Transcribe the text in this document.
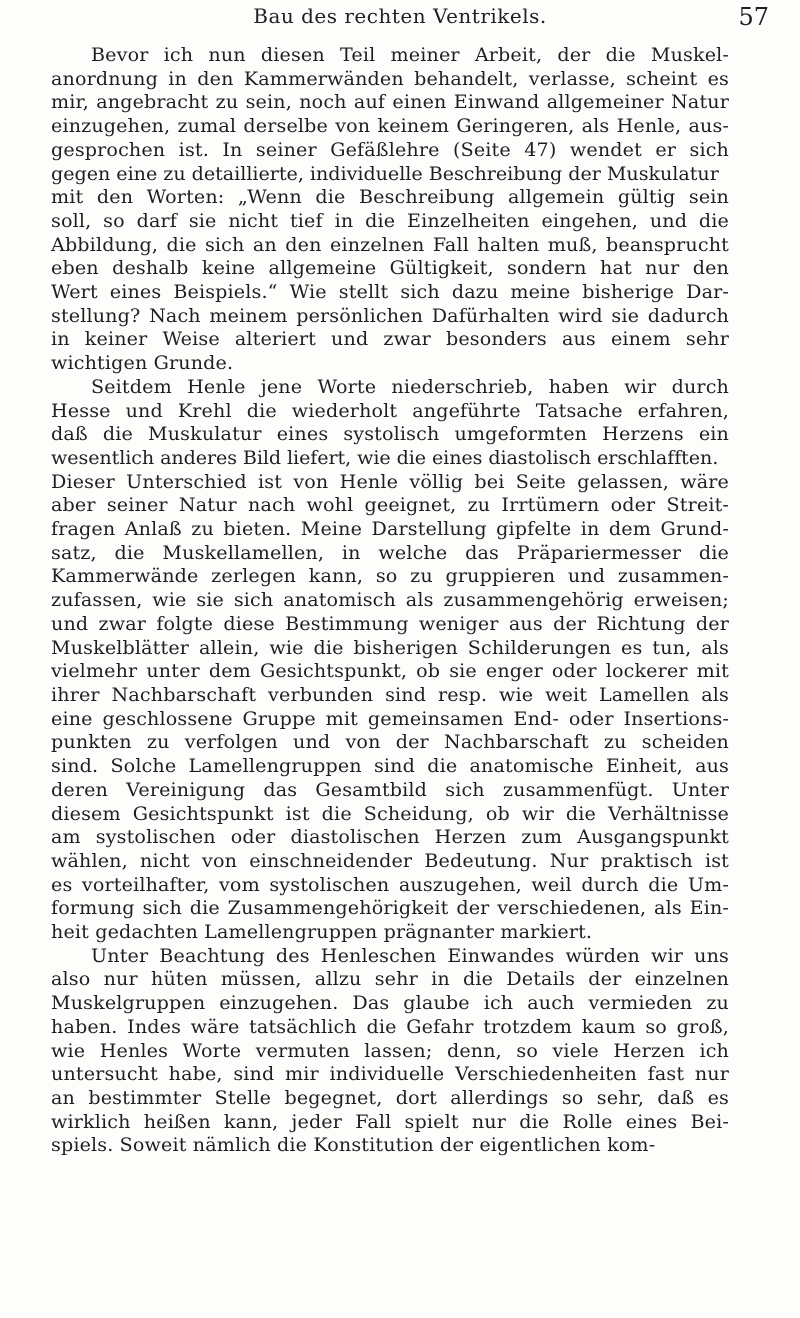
Bau des rechten Ventrikels.	57
Bevor ich nun diesen Teil meiner Arbeit, der die Muskel-
anordnung in den Kammerwänden behandelt, verlasse, scheint es
mir, angebracht zu sein, noch auf einen Einwand allgemeiner Natur
einzugehen, zumal derselbe von keinem Geringeren, als Henle, aus-
gesprochen ist. In seiner Gefäßlehre (Seite 47) wendet er sich
gegen eine zu detaillierte, individuelle Beschreibung der Muskulatur
mit den Worten: „Wenn die Beschreibung allgemein gültig sein
soll, so darf sie nicht tief in die Einzelheiten eingehen, und die
Abbildung, die sich an den einzelnen Fall halten muß, beansprucht
eben deshalb keine allgemeine Gültigkeit, sondern hat nur den
Wert eines Beispiels.“ Wie stellt sich dazu meine bisherige Dar-
stellung? Nach meinem persönlichen Dafürhalten wird sie dadurch
in keiner Weise alteriert und zwar besonders aus einem sehr
wichtigen Grunde.
Seitdem Henle jene Worte niederschrieb, haben wir durch
Hesse und Krehl die wiederholt angeführte Tatsache erfahren,
daß die Muskulatur eines systolisch umgeformten Herzens ein
wesentlich anderes Bild liefert, wie die eines diastolisch erschlafften.
Dieser Unterschied ist von Henle völlig bei Seite gelassen, wäre
aber seiner Natur nach wohl geeignet, zu Irrtümern oder Streit-
fragen Anlaß zu bieten. Meine Darstellung gipfelte in dem Grund-
satz, die Muskellamellen, in welche das Präpariermesser die
Kammerwände zerlegen kann, so zu gruppieren und zusammen-
zufassen, wie sie sich anatomisch als zusammengehörig erweisen;
und zwar folgte diese Bestimmung weniger aus der Richtung der
Muskelblätter allein, wie die bisherigen Schilderungen es tun, als
vielmehr unter dem Gesichtspunkt, ob sie enger oder lockerer mit
ihrer Nachbarschaft verbunden sind resp. wie weit Lamellen als
eine geschlossene Gruppe mit gemeinsamen End- oder Insertions-
punkten zu verfolgen und von der Nachbarschaft zu scheiden
sind. Solche Lamellengruppen sind die anatomische Einheit, aus
deren Vereinigung das Gesamtbild sich zusammenfügt. Unter
diesem Gesichtspunkt ist die Scheidung, ob wir die Verhältnisse
am systolischen oder diastolischen Herzen zum Ausgangspunkt
wählen, nicht von einschneidender Bedeutung. Nur praktisch ist
es vorteilhafter, vom systolischen auszugehen, weil durch die Um-
formung sich die Zusammengehörigkeit der verschiedenen, als Ein-
heit gedachten Lamellengruppen prägnanter markiert.
Unter Beachtung des Henleschen Einwandes würden wir uns
also nur hüten müssen, allzu sehr in die Details der einzelnen
Muskelgruppen einzugehen. Das glaube ich auch vermieden zu
haben. Indes wäre tatsächlich die Gefahr trotzdem kaum so groß,
wie Henles Worte vermuten lassen; denn, so viele Herzen ich
untersucht habe, sind mir individuelle Verschiedenheiten fast nur
an bestimmter Stelle begegnet, dort allerdings so sehr, daß es
wirklich heißen kann, jeder Fall spielt nur die Rolle eines Bei-
spiels. Soweit nämlich die Konstitution der eigentlichen kom-
